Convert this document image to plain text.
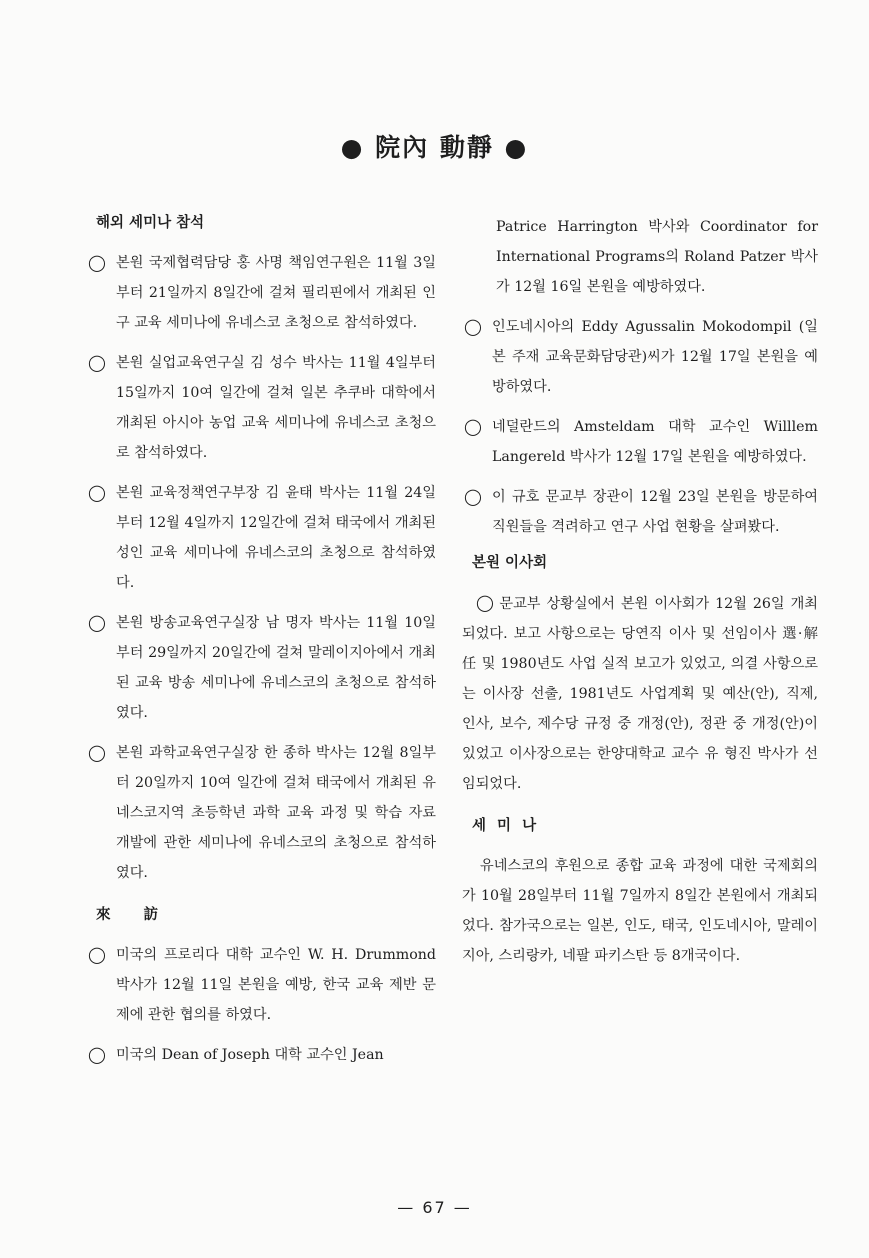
● 院內 動靜 ●
해외 세미나 참석
◯ 본원 국제협력담당 홍 사명 책임연구원은 11월 3일부터 21일까지 8일간에 걸쳐 필리핀에서 개최된 인구 교육 세미나에 유네스코 초청으로 참석하였다.
◯ 본원 실업교육연구실 김 성수 박사는 11월 4일부터 15일까지 10여 일간에 걸쳐 일본 추쿠바 대학에서 개최된 아시아 농업 교육 세미나에 유네스코 초청으로 참석하였다.
◯ 본원 교육정책연구부장 김 윤태 박사는 11월 24일부터 12월 4일까지 12일간에 걸쳐 태국에서 개최된 성인 교육 세미나에 유네스코의 초청으로 참석하였다.
◯ 본원 방송교육연구실장 남 명자 박사는 11월 10일부터 29일까지 20일간에 걸쳐 말레이지아에서 개최된 교육 방송 세미나에 유네스코의 초청으로 참석하였다.
◯ 본원 과학교육연구실장 한 종하 박사는 12월 8일부터 20일까지 10여 일간에 걸쳐 태국에서 개최된 유네스코지역 초등학년 과학 교육 과정 및 학습 자료 개발에 관한 세미나에 유네스코의 초청으로 참석하였다.
來 訪
◯ 미국의 프로리다 대학 교수인 W. H. Drummond 박사가 12월 11일 본원을 예방, 한국 교육 제반 문제에 관한 협의를 하였다.
◯ 미국의 Dean of Joseph 대학 교수인 Jean
Patrice Harrington 박사와 Coordinator for International Programs의 Roland Patzer 박사가 12월 16일 본원을 예방하였다.
◯ 인도네시아의 Eddy Agussalin Mokodompil (일본 주재 교육문화담당관)씨가 12월 17일 본원을 예방하였다.
◯ 네덜란드의 Amsteldam 대학 교수인 Willlem Langereld 박사가 12월 17일 본원을 예방하였다.
◯ 이 규호 문교부 장관이 12월 23일 본원을 방문하여 직원들을 격려하고 연구 사업 현황을 살펴봤다.
본원 이사회
◯ 문교부 상황실에서 본원 이사회가 12월 26일 개최되었다. 보고 사항으로는 당연직 이사 및 선임이사 選·解任 및 1980년도 사업 실적 보고가 있었고, 의결 사항으로는 이사장 선출, 1981년도 사업계획 및 예산(안), 직제, 인사, 보수, 제수당 규정 중 개정(안), 정관 중 개정(안)이 있었고 이사장으로는 한양대학교 교수 유 형진 박사가 선임되었다.
세 미 나
유네스코의 후원으로 종합 교육 과정에 대한 국제회의가 10월 28일부터 11월 7일까지 8일간 본원에서 개최되었다. 참가국으로는 일본, 인도, 태국, 인도네시아, 말레이지아, 스리랑카, 네팔 파키스탄 등 8개국이다.
— 67 —
